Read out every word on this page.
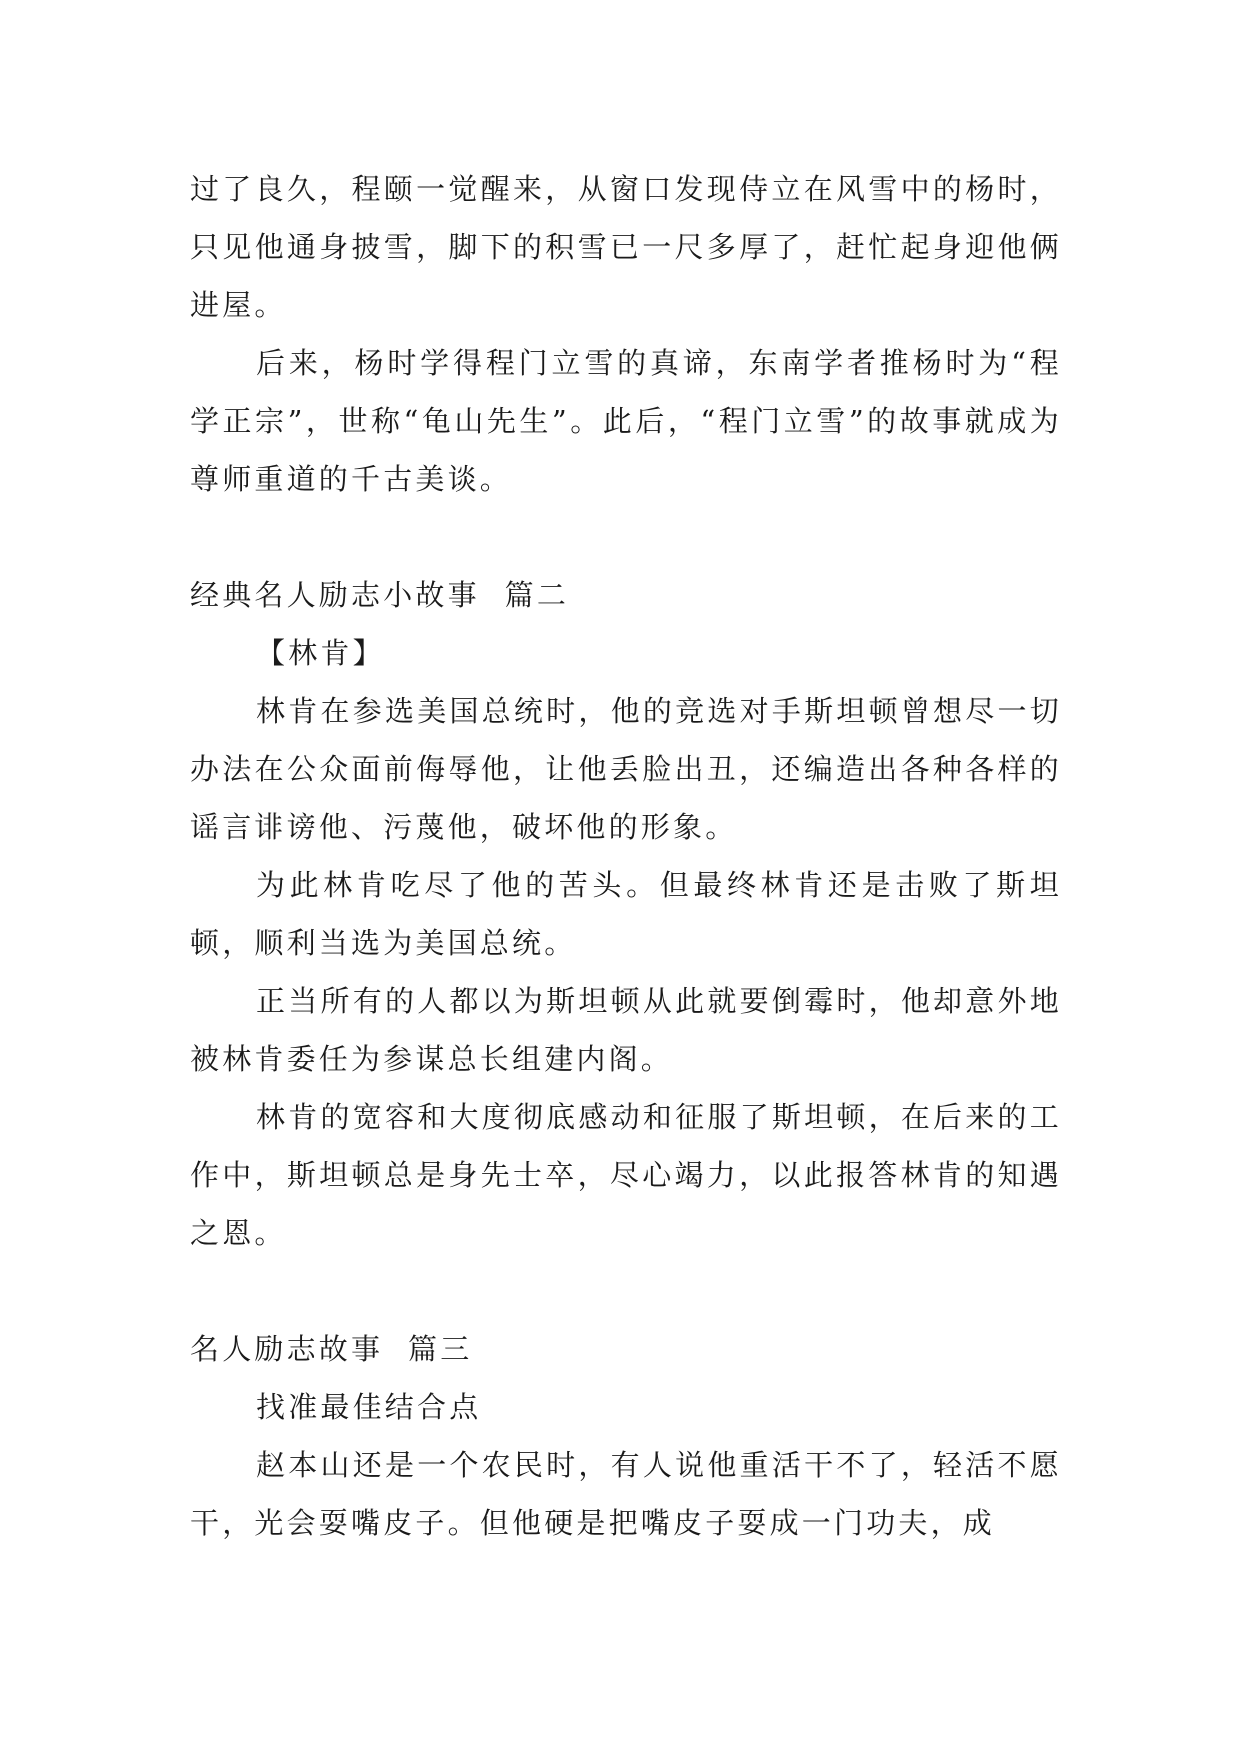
过了良久，程颐一觉醒来，从窗口发现侍立在风雪中的杨时，只见他通身披雪，脚下的积雪已一尺多厚了，赶忙起身迎他俩进屋。

后来，杨时学得程门立雪的真谛，东南学者推杨时为“程学正宗”，世称“龟山先生”。此后，“程门立雪”的故事就成为尊师重道的千古美谈。

经典名人励志小故事  篇二

【林肯】

林肯在参选美国总统时，他的竞选对手斯坦顿曾想尽一切办法在公众面前侮辱他，让他丢脸出丑，还编造出各种各样的谣言诽谤他、污蔑他，破坏他的形象。

为此林肯吃尽了他的苦头。但最终林肯还是击败了斯坦顿，顺利当选为美国总统。

正当所有的人都以为斯坦顿从此就要倒霉时，他却意外地被林肯委任为参谋总长组建内阁。

林肯的宽容和大度彻底感动和征服了斯坦顿，在后来的工作中，斯坦顿总是身先士卒，尽心竭力，以此报答林肯的知遇之恩。

名人励志故事  篇三

找准最佳结合点

赵本山还是一个农民时，有人说他重活干不了，轻活不愿干，光会耍嘴皮子。但他硬是把嘴皮子耍成一门功夫，成
